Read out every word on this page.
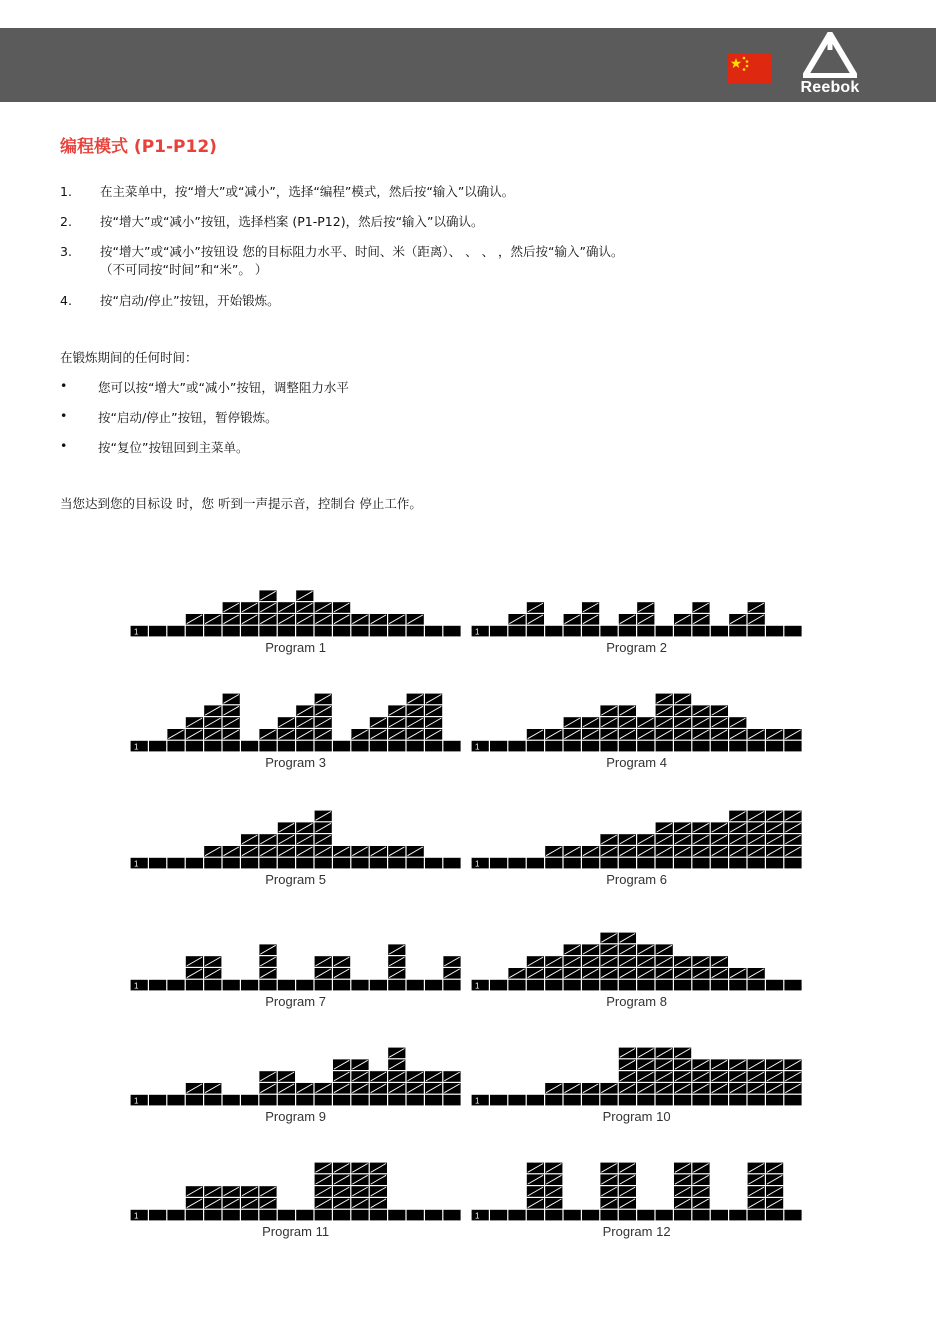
Reebok
编程模式 (P1-P12)
1. 在主菜单中，按“增大”或“减小”，选择“编程”模式，然后按“输入”以确认。
2. 按“增大”或“减小”按钮，选择档案 (P1-P12)，然后按“输入”以确认。
3. 按“增大”或“减小”按钮设 您的目标阻力水平、时间、米（距离）、 、 、 ，然后按“输入”确认。
（不可同按“时间”和“米”。 ）
4. 按“启动/停止”按钮，开始锻炼。
在锻炼期间的任何时间：
• 您可以按“增大”或“减小”按钮，调整阻力水平
• 按“启动/停止”按钮，暂停锻炼。
• 按“复位”按钮回到主菜单。
当您达到您的目标设 时，您 听到一声提示音，控制台 停止工作。
1
Program 1
1
Program 2
1
Program 3
1
Program 4
1
Program 5
1
Program 6
1
Program 7
1
Program 8
1
Program 9
1
Program 10
1
Program 11
1
Program 12
